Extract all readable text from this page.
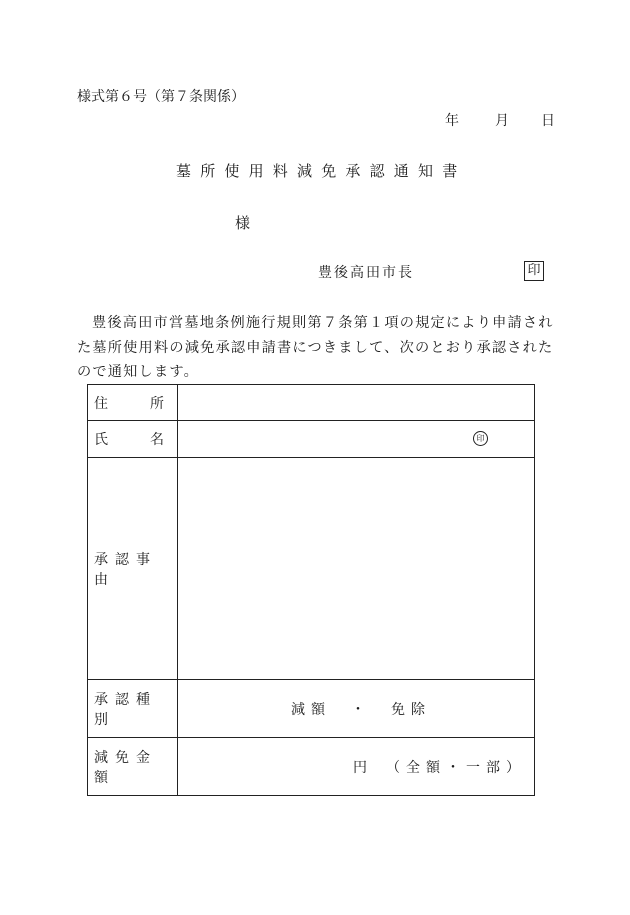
様式第６号（第７条関係）
年	月 日
墓所使用料減免承認通知書
様
豊後高田市長	印
豊後高田市営墓地条例施行規則第７条第１項の規定により申請された墓所使用料の減免承認申請書につきまして、次のとおり承認されたので通知します。
住 所	

氏 名	印

承認事由	
承認種別	減額　・　免除
減免金額	円　（全額・一部）
